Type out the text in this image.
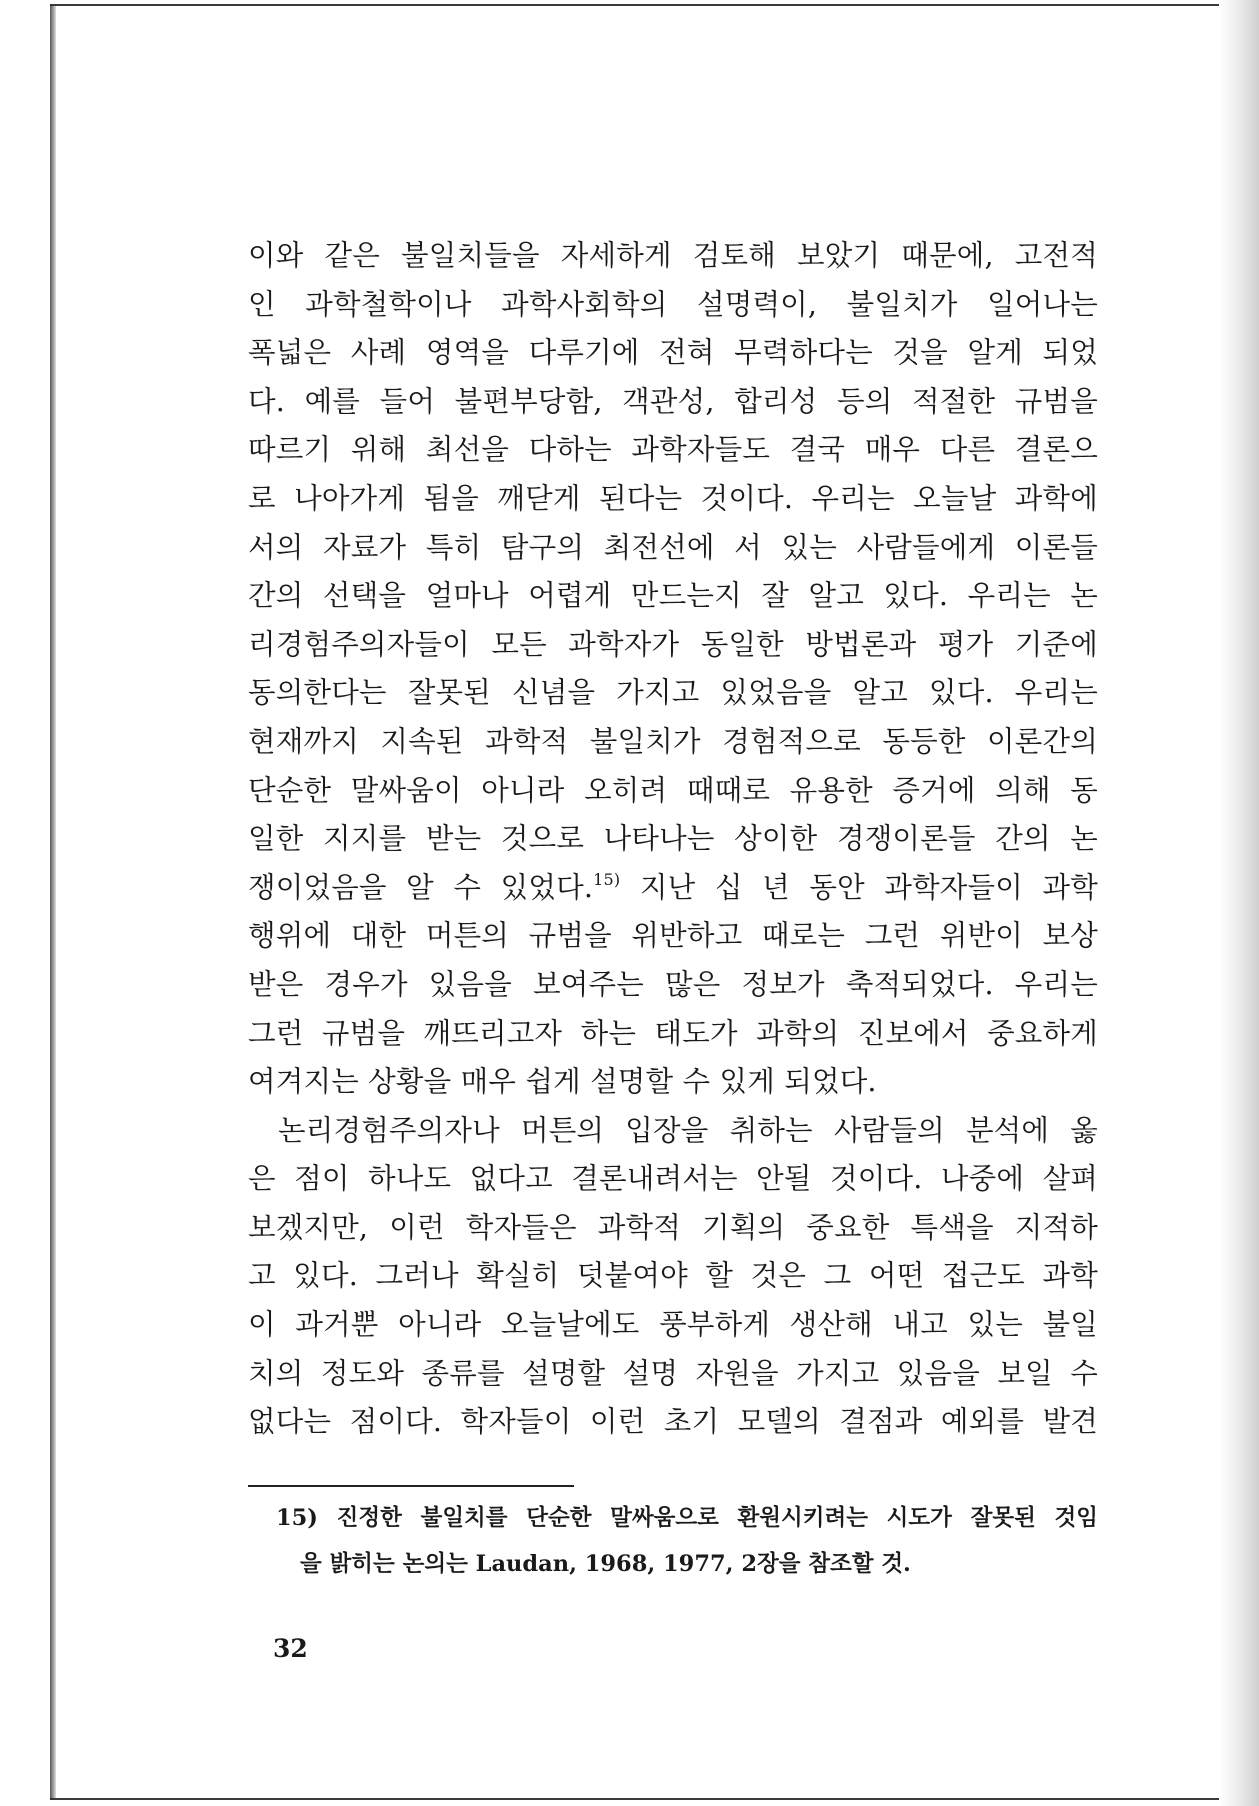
이와 같은 불일치들을 자세하게 검토해 보았기 때문에, 고전적
인 과학철학이나 과학사회학의 설명력이, 불일치가 일어나는
폭넓은 사례 영역을 다루기에 전혀 무력하다는 것을 알게 되었
다. 예를 들어 불편부당함, 객관성, 합리성 등의 적절한 규범을
따르기 위해 최선을 다하는 과학자들도 결국 매우 다른 결론으
로 나아가게 됨을 깨닫게 된다는 것이다. 우리는 오늘날 과학에
서의 자료가 특히 탐구의 최전선에 서 있는 사람들에게 이론들
간의 선택을 얼마나 어렵게 만드는지 잘 알고 있다. 우리는 논
리경험주의자들이 모든 과학자가 동일한 방법론과 평가 기준에
동의한다는 잘못된 신념을 가지고 있었음을 알고 있다. 우리는
현재까지 지속된 과학적 불일치가 경험적으로 동등한 이론간의
단순한 말싸움이 아니라 오히려 때때로 유용한 증거에 의해 동
일한 지지를 받는 것으로 나타나는 상이한 경쟁이론들 간의 논
쟁이었음을 알 수 있었다.$^{15)}$ 지난 십 년 동안 과학자들이 과학
행위에 대한 머튼의 규범을 위반하고 때로는 그런 위반이 보상
받은 경우가 있음을 보여주는 많은 정보가 축적되었다. 우리는
그런 규범을 깨뜨리고자 하는 태도가 과학의 진보에서 중요하게
여겨지는 상황을 매우 쉽게 설명할 수 있게 되었다.
논리경험주의자나 머튼의 입장을 취하는 사람들의 분석에 옳
은 점이 하나도 없다고 결론내려서는 안될 것이다. 나중에 살펴
보겠지만, 이런 학자들은 과학적 기획의 중요한 특색을 지적하
고 있다. 그러나 확실히 덧붙여야 할 것은 그 어떤 접근도 과학
이 과거뿐 아니라 오늘날에도 풍부하게 생산해 내고 있는 불일
치의 정도와 종류를 설명할 설명 자원을 가지고 있음을 보일 수
없다는 점이다. 학자들이 이런 초기 모델의 결점과 예외를 발견
15) 진정한 불일치를 단순한 말싸움으로 환원시키려는 시도가 잘못된 것임
을 밝히는 논의는 Laudan, 1968, 1977, 2장을 참조할 것.
32
